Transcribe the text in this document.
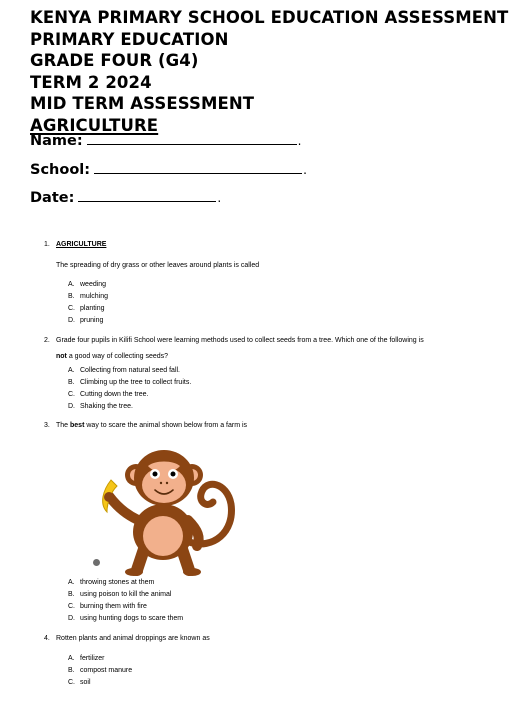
KENYA PRIMARY SCHOOL EDUCATION ASSESSMENT
PRIMARY EDUCATION
GRADE FOUR (G4)
TERM 2 2024
MID TERM ASSESSMENT
AGRICULTURE
Name:	.
School:	.
Date:	.
1. AGRICULTURE
The spreading of dry grass or other leaves around plants is called
A. weeding
B. mulching
C. planting
D. pruning
2. Grade four pupils in Kilifi School were learning methods used to collect seeds from a tree. Which one of the following is
not a good way of collecting seeds?
A. Collecting from natural seed fall.
B. Climbing up the tree to collect fruits.
C. Cutting down the tree.
D. Shaking the tree.
3. The best way to scare the animal shown below from a farm is
A. throwing stones at them
B. using poison to kill the animal
C. burning them with fire
D. using hunting dogs to scare them
4. Rotten plants and animal droppings are known as
A. fertilizer
B. compost manure
C. soil
